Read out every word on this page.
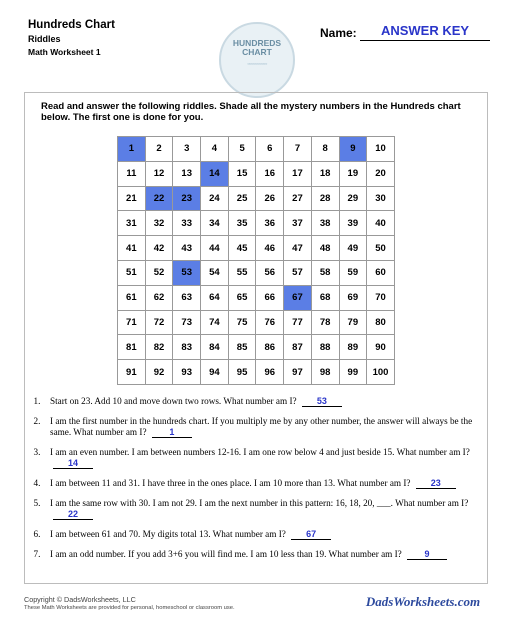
Hundreds Chart
Riddles
Math Worksheet 1
HUNDREDS
CHART
◦◦◦◦◦◦◦◦◦◦
Name:	ANSWER KEY
Read and answer the following riddles. Shade all the mystery numbers in the Hundreds chart below. The first one is done for you.
1	2	3	4	5	6	7	8	9	10
11	12	13	14	15	16	17	18	19	20
21	22	23	24	25	26	27	28	29	30
31	32	33	34	35	36	37	38	39	40
41	42	43	44	45	46	47	48	49	50
51	52	53	54	55	56	57	58	59	60
61	62	63	64	65	66	67	68	69	70
71	72	73	74	75	76	77	78	79	80
81	82	83	84	85	86	87	88	89	90
91	92	93	94	95	96	97	98	99	100
1.	Start on 23. Add 10 and move down two rows. What number am I? 53
2.	I am the first number in the hundreds chart. If you multiply me by any other number, the answer will always be the same. What number am I? 1
3.	I am an even number. I am between numbers 12-16. I am one row below 4 and just beside 15. What number am I? 14
4.	I am between 11 and 31. I have three in the ones place. I am 10 more than 13. What number am I? 23
5.	I am the same row with 30. I am not 29. I am the next number in this pattern: 16, 18, 20, ___. What number am I? 22
6.	I am between 61 and 70. My digits total 13. What number am I? 67
7.	I am an odd number. If you add 3+6 you will find me. I am 10 less than 19. What number am I? 9
Copyright © DadsWorksheets, LLC
These Math Worksheets are provided for personal, homeschool or classroom use.	DadsWorksheets.com
